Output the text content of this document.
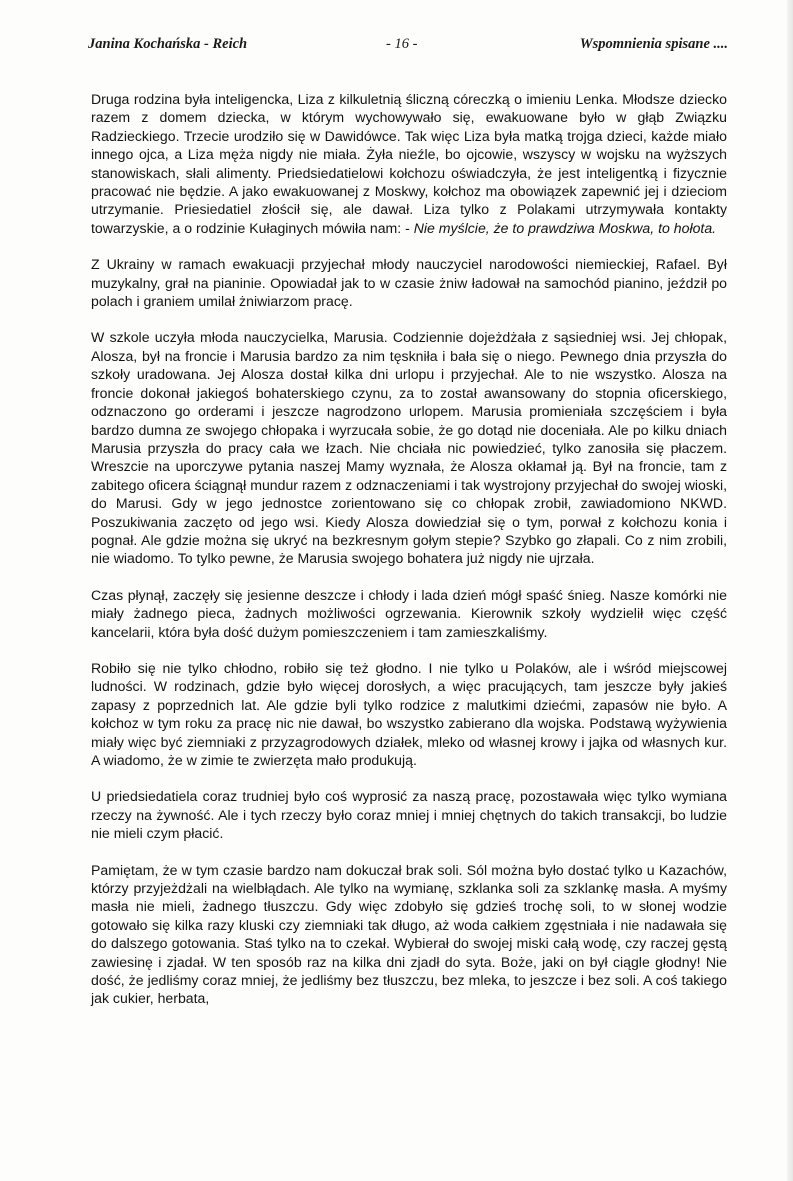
Janina Kochańska - Reich	- 16 -	Wspomnienia spisane ....

Druga rodzina była inteligencka, Liza z kilkuletnią śliczną córeczką o imieniu Lenka. Młodsze dziecko razem z domem dziecka, w którym wychowywało się, ewakuowane było w głąb Związku Radzieckiego. Trzecie urodziło się w Dawidówce. Tak więc Liza była matką trojga dzieci, każde miało innego ojca, a Liza męża nigdy nie miała. Żyła nieźle, bo ojcowie, wszyscy w wojsku na wyższych stanowiskach, słali alimenty. Priedsiedatielowi kołchozu oświadczyła, że jest inteligentką i fizycznie pracować nie będzie. A jako ewakuowanej z Moskwy, kołchoz ma obowiązek zapewnić jej i dzieciom utrzymanie. Priesiedatiel złościł się, ale dawał. Liza tylko z Polakami utrzymywała kontakty towarzyskie, a o rodzinie Kułaginych mówiła nam: - Nie myślcie, że to prawdziwa Moskwa, to hołota.

Z Ukrainy w ramach ewakuacji przyjechał młody nauczyciel narodowości niemieckiej, Rafael. Był muzykalny, grał na pianinie. Opowiadał jak to w czasie żniw ładował na samochód pianino, jeździł po polach i graniem umilał żniwiarzom pracę.

W szkole uczyła młoda nauczycielka, Marusia. Codziennie dojeżdżała z sąsiedniej wsi. Jej chłopak, Alosza, był na froncie i Marusia bardzo za nim tęskniła i bała się o niego. Pewnego dnia przyszła do szkoły uradowana. Jej Alosza dostał kilka dni urlopu i przyjechał. Ale to nie wszystko. Alosza na froncie dokonał jakiegoś bohaterskiego czynu, za to został awansowany do stopnia oficerskiego, odznaczono go orderami i jeszcze nagrodzono urlopem. Marusia promieniała szczęściem i była bardzo dumna ze swojego chłopaka i wyrzucała sobie, że go dotąd nie doceniała. Ale po kilku dniach Marusia przyszła do pracy cała we łzach. Nie chciała nic powiedzieć, tylko zanosiła się płaczem. Wreszcie na uporczywe pytania naszej Mamy wyznała, że Alosza okłamał ją. Był na froncie, tam z zabitego oficera ściągnął mundur razem z odznaczeniami i tak wystrojony przyjechał do swojej wioski, do Marusi. Gdy w jego jednostce zorientowano się co chłopak zrobił, zawiadomiono NKWD. Poszukiwania zaczęto od jego wsi. Kiedy Alosza dowiedział się o tym, porwał z kołchozu konia i pognał. Ale gdzie można się ukryć na bezkresnym gołym stepie? Szybko go złapali. Co z nim zrobili, nie wiadomo. To tylko pewne, że Marusia swojego bohatera już nigdy nie ujrzała.

Czas płynął, zaczęły się jesienne deszcze i chłody i lada dzień mógł spaść śnieg. Nasze komórki nie miały żadnego pieca, żadnych możliwości ogrzewania. Kierownik szkoły wydzielił więc część kancelarii, która była dość dużym pomieszczeniem i tam zamieszkaliśmy.

Robiło się nie tylko chłodno, robiło się też głodno. I nie tylko u Polaków, ale i wśród miejscowej ludności. W rodzinach, gdzie było więcej dorosłych, a więc pracujących, tam jeszcze były jakieś zapasy z poprzednich lat. Ale gdzie byli tylko rodzice z malutkimi dziećmi, zapasów nie było. A kołchoz w tym roku za pracę nic nie dawał, bo wszystko zabierano dla wojska. Podstawą wyżywienia miały więc być ziemniaki z przyzagrodowych działek, mleko od własnej krowy i jajka od własnych kur. A wiadomo, że w zimie te zwierzęta mało produkują.

U priedsiedatiela coraz trudniej było coś wyprosić za naszą pracę, pozostawała więc tylko wymiana rzeczy na żywność. Ale i tych rzeczy było coraz mniej i mniej chętnych do takich transakcji, bo ludzie nie mieli czym płacić.

Pamiętam, że w tym czasie bardzo nam dokuczał brak soli. Sól można było dostać tylko u Kazachów, którzy przyjeżdżali na wielbłądach. Ale tylko na wymianę, szklanka soli za szklankę masła. A myśmy masła nie mieli, żadnego tłuszczu. Gdy więc zdobyło się gdzieś trochę soli, to w słonej wodzie gotowało się kilka razy kluski czy ziemniaki tak długo, aż woda całkiem zgęstniała i nie nadawała się do dalszego gotowania. Staś tylko na to czekał. Wybierał do swojej miski całą wodę, czy raczej gęstą zawiesinę i zjadał. W ten sposób raz na kilka dni zjadł do syta. Boże, jaki on był ciągle głodny! Nie dość, że jedliśmy coraz mniej, że jedliśmy bez tłuszczu, bez mleka, to jeszcze i bez soli. A coś takiego jak cukier, herbata,
